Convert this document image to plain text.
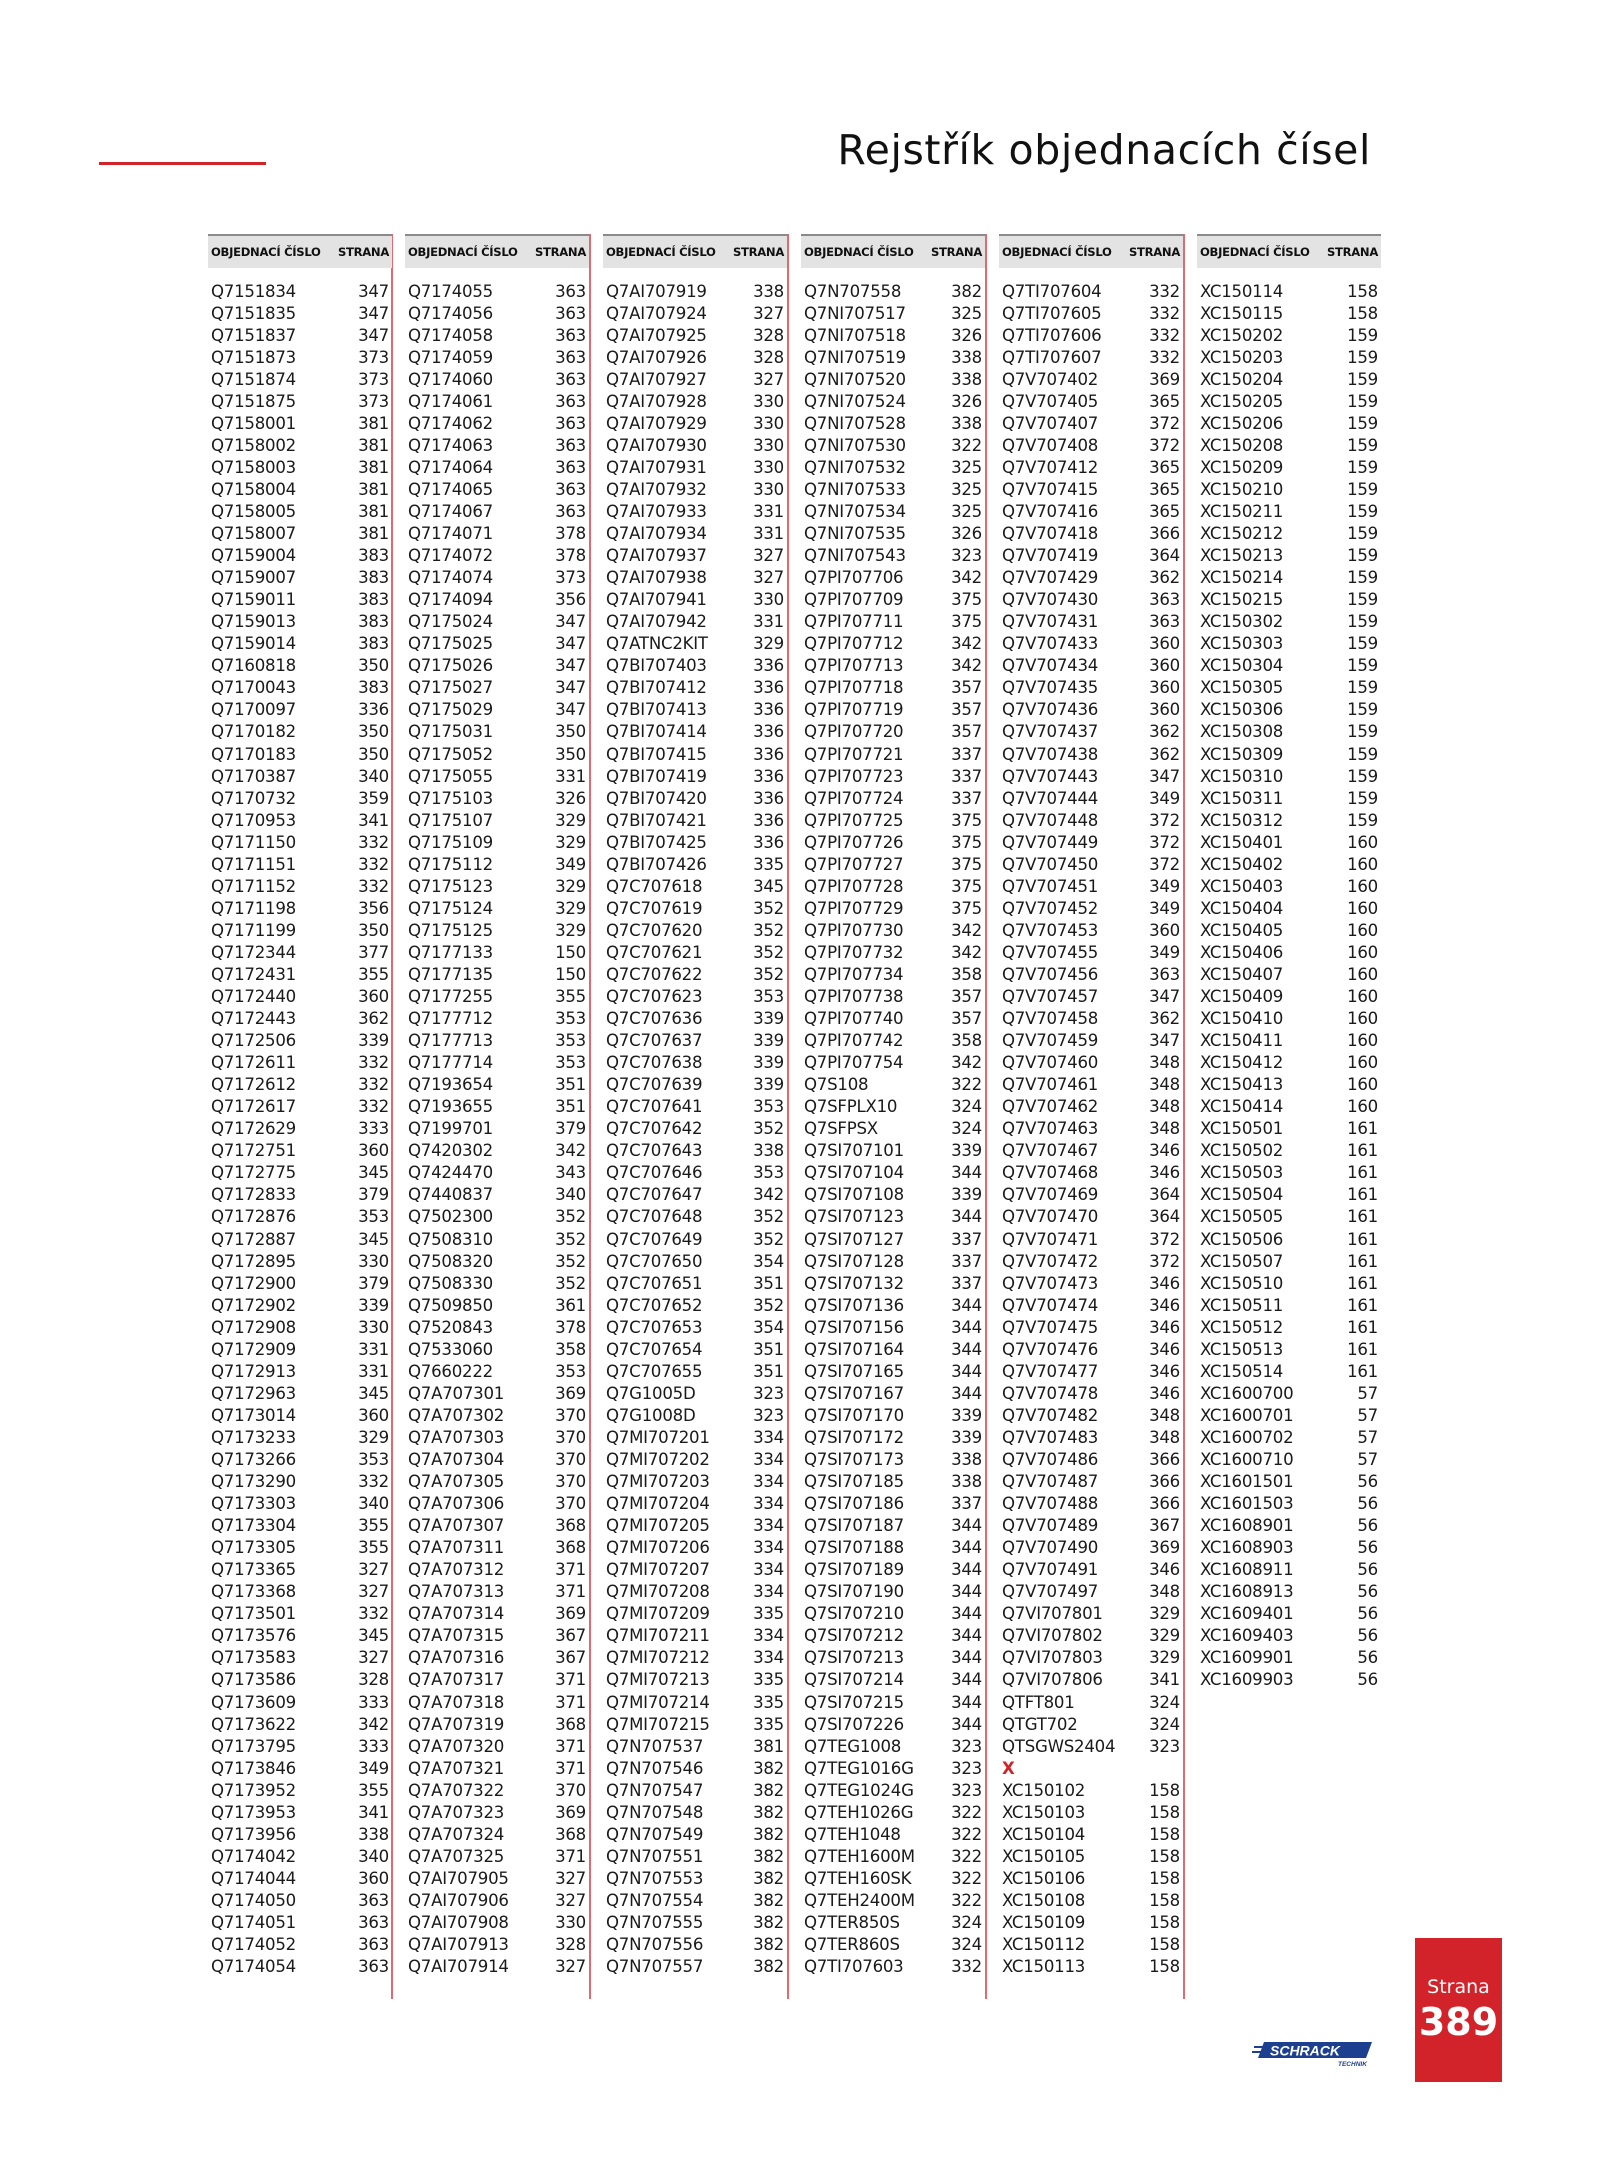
Rejstřík objednacích čísel
OBJEDNACÍ ČÍSLO STRANA
Q7151834	347
Q7151835	347
Q7151837	347
Q7151873	373
Q7151874	373
Q7151875	373
Q7158001	381
Q7158002	381
Q7158003	381
Q7158004	381
Q7158005	381
Q7158007	381
Q7159004	383
Q7159007	383
Q7159011	383
Q7159013	383
Q7159014	383
Q7160818	350
Q7170043	383
Q7170097	336
Q7170182	350
Q7170183	350
Q7170387	340
Q7170732	359
Q7170953	341
Q7171150	332
Q7171151	332
Q7171152	332
Q7171198	356
Q7171199	350
Q7172344	377
Q7172431	355
Q7172440	360
Q7172443	362
Q7172506	339
Q7172611	332
Q7172612	332
Q7172617	332
Q7172629	333
Q7172751	360
Q7172775	345
Q7172833	379
Q7172876	353
Q7172887	345
Q7172895	330
Q7172900	379
Q7172902	339
Q7172908	330
Q7172909	331
Q7172913	331
Q7172963	345
Q7173014	360
Q7173233	329
Q7173266	353
Q7173290	332
Q7173303	340
Q7173304	355
Q7173305	355
Q7173365	327
Q7173368	327
Q7173501	332
Q7173576	345
Q7173583	327
Q7173586	328
Q7173609	333
Q7173622	342
Q7173795	333
Q7173846	349
Q7173952	355
Q7173953	341
Q7173956	338
Q7174042	340
Q7174044	360
Q7174050	363
Q7174051	363
Q7174052	363
Q7174054	363
OBJEDNACÍ ČÍSLO STRANA
Q7174055	363
Q7174056	363
Q7174058	363
Q7174059	363
Q7174060	363
Q7174061	363
Q7174062	363
Q7174063	363
Q7174064	363
Q7174065	363
Q7174067	363
Q7174071	378
Q7174072	378
Q7174074	373
Q7174094	356
Q7175024	347
Q7175025	347
Q7175026	347
Q7175027	347
Q7175029	347
Q7175031	350
Q7175052	350
Q7175055	331
Q7175103	326
Q7175107	329
Q7175109	329
Q7175112	349
Q7175123	329
Q7175124	329
Q7175125	329
Q7177133	150
Q7177135	150
Q7177255	355
Q7177712	353
Q7177713	353
Q7177714	353
Q7193654	351
Q7193655	351
Q7199701	379
Q7420302	342
Q7424470	343
Q7440837	340
Q7502300	352
Q7508310	352
Q7508320	352
Q7508330	352
Q7509850	361
Q7520843	378
Q7533060	358
Q7660222	353
Q7A707301	369
Q7A707302	370
Q7A707303	370
Q7A707304	370
Q7A707305	370
Q7A707306	370
Q7A707307	368
Q7A707311	368
Q7A707312	371
Q7A707313	371
Q7A707314	369
Q7A707315	367
Q7A707316	367
Q7A707317	371
Q7A707318	371
Q7A707319	368
Q7A707320	371
Q7A707321	371
Q7A707322	370
Q7A707323	369
Q7A707324	368
Q7A707325	371
Q7AI707905	327
Q7AI707906	327
Q7AI707908	330
Q7AI707913	328
Q7AI707914	327
OBJEDNACÍ ČÍSLO STRANA
Q7AI707919	338
Q7AI707924	327
Q7AI707925	328
Q7AI707926	328
Q7AI707927	327
Q7AI707928	330
Q7AI707929	330
Q7AI707930	330
Q7AI707931	330
Q7AI707932	330
Q7AI707933	331
Q7AI707934	331
Q7AI707937	327
Q7AI707938	327
Q7AI707941	330
Q7AI707942	331
Q7ATNC2KIT	329
Q7BI707403	336
Q7BI707412	336
Q7BI707413	336
Q7BI707414	336
Q7BI707415	336
Q7BI707419	336
Q7BI707420	336
Q7BI707421	336
Q7BI707425	336
Q7BI707426	335
Q7C707618	345
Q7C707619	352
Q7C707620	352
Q7C707621	352
Q7C707622	352
Q7C707623	353
Q7C707636	339
Q7C707637	339
Q7C707638	339
Q7C707639	339
Q7C707641	353
Q7C707642	352
Q7C707643	338
Q7C707646	353
Q7C707647	342
Q7C707648	352
Q7C707649	352
Q7C707650	354
Q7C707651	351
Q7C707652	352
Q7C707653	354
Q7C707654	351
Q7C707655	351
Q7G1005D	323
Q7G1008D	323
Q7MI707201	334
Q7MI707202	334
Q7MI707203	334
Q7MI707204	334
Q7MI707205	334
Q7MI707206	334
Q7MI707207	334
Q7MI707208	334
Q7MI707209	335
Q7MI707211	334
Q7MI707212	334
Q7MI707213	335
Q7MI707214	335
Q7MI707215	335
Q7N707537	381
Q7N707546	382
Q7N707547	382
Q7N707548	382
Q7N707549	382
Q7N707551	382
Q7N707553	382
Q7N707554	382
Q7N707555	382
Q7N707556	382
Q7N707557	382
OBJEDNACÍ ČÍSLO STRANA
Q7N707558	382
Q7NI707517	325
Q7NI707518	326
Q7NI707519	338
Q7NI707520	338
Q7NI707524	326
Q7NI707528	338
Q7NI707530	322
Q7NI707532	325
Q7NI707533	325
Q7NI707534	325
Q7NI707535	326
Q7NI707543	323
Q7PI707706	342
Q7PI707709	375
Q7PI707711	375
Q7PI707712	342
Q7PI707713	342
Q7PI707718	357
Q7PI707719	357
Q7PI707720	357
Q7PI707721	337
Q7PI707723	337
Q7PI707724	337
Q7PI707725	375
Q7PI707726	375
Q7PI707727	375
Q7PI707728	375
Q7PI707729	375
Q7PI707730	342
Q7PI707732	342
Q7PI707734	358
Q7PI707738	357
Q7PI707740	357
Q7PI707742	358
Q7PI707754	342
Q7S108	322
Q7SFPLX10	324
Q7SFPSX	324
Q7SI707101	339
Q7SI707104	344
Q7SI707108	339
Q7SI707123	344
Q7SI707127	337
Q7SI707128	337
Q7SI707132	337
Q7SI707136	344
Q7SI707156	344
Q7SI707164	344
Q7SI707165	344
Q7SI707167	344
Q7SI707170	339
Q7SI707172	339
Q7SI707173	338
Q7SI707185	338
Q7SI707186	337
Q7SI707187	344
Q7SI707188	344
Q7SI707189	344
Q7SI707190	344
Q7SI707210	344
Q7SI707212	344
Q7SI707213	344
Q7SI707214	344
Q7SI707215	344
Q7SI707226	344
Q7TEG1008	323
Q7TEG1016G 323
Q7TEG1024G 323
Q7TEH1026G 322
Q7TEH1048	322
Q7TEH1600M 322
Q7TEH160SK 322
Q7TEH2400M 322
Q7TER850S	324
Q7TER860S	324
Q7TI707603	332
OBJEDNACÍ ČÍSLO STRANA
Q7TI707604	332
Q7TI707605	332
Q7TI707606	332
Q7TI707607	332
Q7V707402	369
Q7V707405	365
Q7V707407	372
Q7V707408	372
Q7V707412	365
Q7V707415	365
Q7V707416	365
Q7V707418	366
Q7V707419	364
Q7V707429	362
Q7V707430	363
Q7V707431	363
Q7V707433	360
Q7V707434	360
Q7V707435	360
Q7V707436	360
Q7V707437	362
Q7V707438	362
Q7V707443	347
Q7V707444	349
Q7V707448	372
Q7V707449	372
Q7V707450	372
Q7V707451	349
Q7V707452	349
Q7V707453	360
Q7V707455	349
Q7V707456	363
Q7V707457	347
Q7V707458	362
Q7V707459	347
Q7V707460	348
Q7V707461	348
Q7V707462	348
Q7V707463	348
Q7V707467	346
Q7V707468	346
Q7V707469	364
Q7V707470	364
Q7V707471	372
Q7V707472	372
Q7V707473	346
Q7V707474	346
Q7V707475	346
Q7V707476	346
Q7V707477	346
Q7V707478	346
Q7V707482	348
Q7V707483	348
Q7V707486	366
Q7V707487	366
Q7V707488	366
Q7V707489	367
Q7V707490	369
Q7V707491	346
Q7V707497	348
Q7VI707801	329
Q7VI707802	329
Q7VI707803	329
Q7VI707806	341
QTFT801	324
QTGT702	324
QTSGWS2404 323
X
XC150102	158
XC150103	158
XC150104	158
XC150105	158
XC150106	158
XC150108	158
XC150109	158
XC150112	158
XC150113	158
OBJEDNACÍ ČÍSLO STRANA
XC150114	158
XC150115	158
XC150202	159
XC150203	159
XC150204	159
XC150205	159
XC150206	159
XC150208	159
XC150209	159
XC150210	159
XC150211	159
XC150212	159
XC150213	159
XC150214	159
XC150215	159
XC150302	159
XC150303	159
XC150304	159
XC150305	159
XC150306	159
XC150308	159
XC150309	159
XC150310	159
XC150311	159
XC150312	159
XC150401	160
XC150402	160
XC150403	160
XC150404	160
XC150405	160
XC150406	160
XC150407	160
XC150409	160
XC150410	160
XC150411	160
XC150412	160
XC150413	160
XC150414	160
XC150501	161
XC150502	161
XC150503	161
XC150504	161
XC150505	161
XC150506	161
XC150507	161
XC150510	161
XC150511	161
XC150512	161
XC150513	161
XC150514	161
XC1600700	57
XC1600701	57
XC1600702	57
XC1600710	57
XC1601501	56
XC1601503	56
XC1608901	56
XC1608903	56
XC1608911	56
XC1608913	56
XC1609401	56
XC1609403	56
XC1609901	56
XC1609903	56
Strana
389
SCHRACK
TECHNIK
